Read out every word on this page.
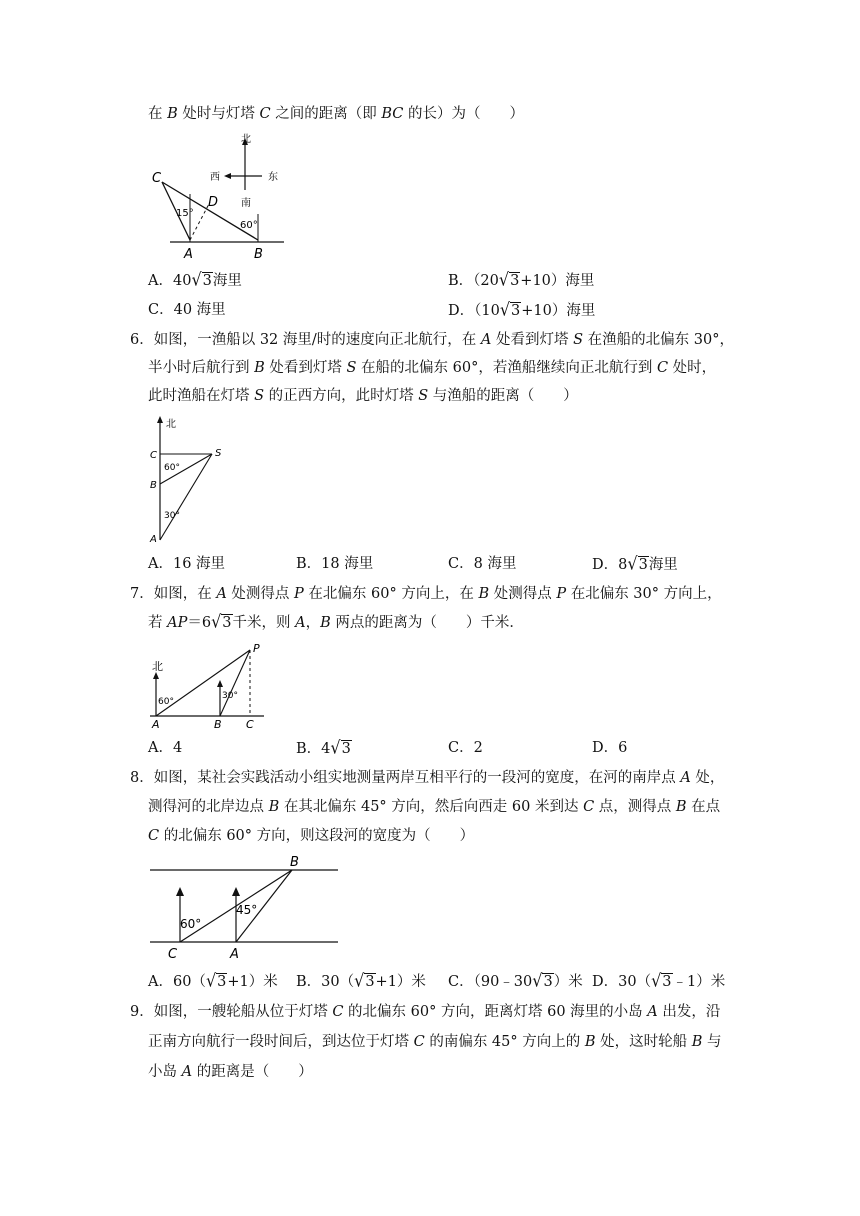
在 B 处时与灯塔 C 之间的距离（即 BC 的长）为（　　）
北
西	东
南
C
D
A	B
15°
60°
A．40√3海里	B．（20√3+10）海里
C．40 海里	D．（10√3+10）海里
6．如图，一渔船以 32 海里/时的速度向正北航行，在 A 处看到灯塔 S 在渔船的北偏东 30°，
半小时后航行到 B 处看到灯塔 S 在船的北偏东 60°，若渔船继续向正北航行到 C 处时，
此时渔船在灯塔 S 的正西方向，此时灯塔 S 与渔船的距离（　　）
北
C	S
B
A
60°
30°
A．16 海里	B．18 海里	C．8 海里	D．8√3海里
7．如图，在 A 处测得点 P 在北偏东 60° 方向上，在 B 处测得点 P 在北偏东 30° 方向上，
若 AP＝6√3千米，则 A，B 两点的距离为（　　）千米．
北
P
A	B C
60°
30°
A．4	B．4√3	C．2	D．6
8．如图，某社会实践活动小组实地测量两岸互相平行的一段河的宽度，在河的南岸点 A 处，
测得河的北岸边点 B 在其北偏东 45° 方向，然后向西走 60 米到达 C 点，测得点 B 在点
C 的北偏东 60° 方向，则这段河的宽度为（　　）
B
C	A
60°
45°
A．60（√3+1）米 B．30（√3+1）米 C．（90﹣30√3）米 D．30（√3﹣1）米
9．如图，一艘轮船从位于灯塔 C 的北偏东 60° 方向，距离灯塔 60 海里的小岛 A 出发，沿
正南方向航行一段时间后，到达位于灯塔 C 的南偏东 45° 方向上的 B 处，这时轮船 B 与
小岛 A 的距离是（　　）
